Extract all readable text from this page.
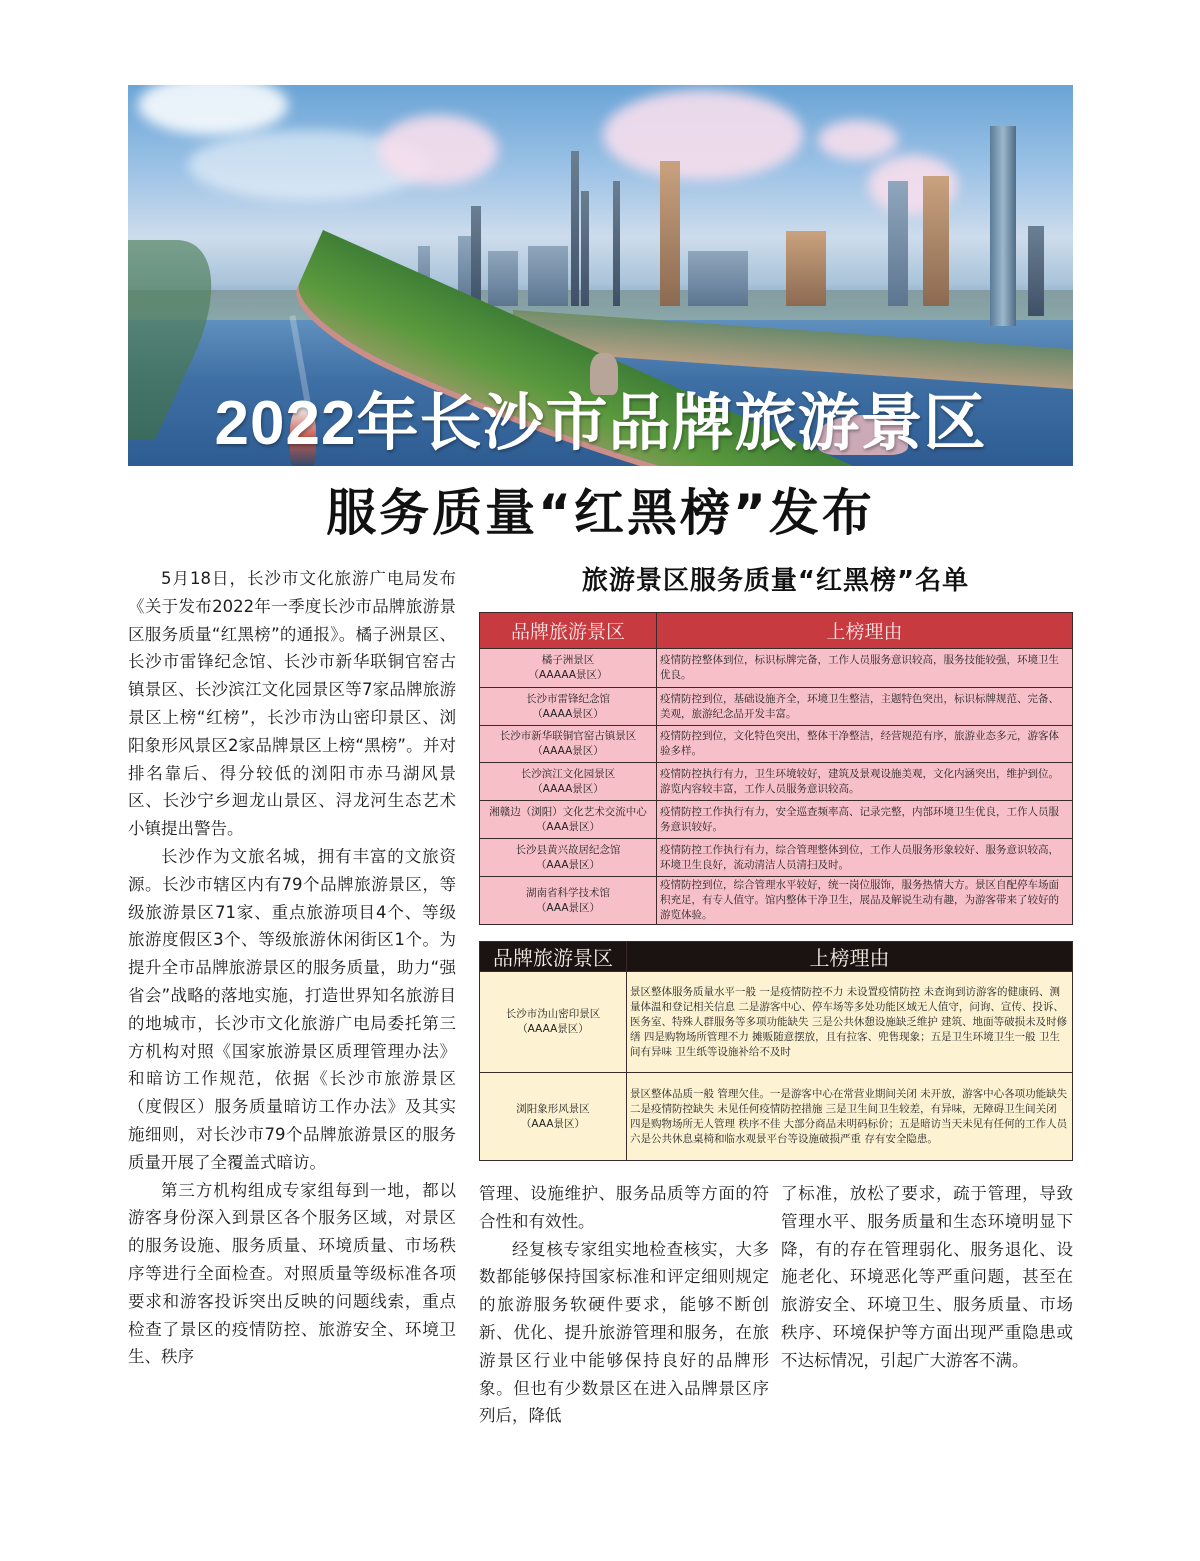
2022年长沙市品牌旅游景区
服务质量“红黑榜”发布

5月18日，长沙市文化旅游广电局发布《关于发布2022年一季度长沙市品牌旅游景区服务质量“红黑榜”的通报》。橘子洲景区、长沙市雷锋纪念馆、长沙市新华联铜官窑古镇景区、长沙滨江文化园景区等7家品牌旅游景区上榜“红榜”，长沙市沩山密印景区、浏阳象形风景区2家品牌景区上榜“黑榜”。并对排名靠后、得分较低的浏阳市赤马湖风景区、长沙宁乡迴龙山景区、浔龙河生态艺术小镇提出警告。

长沙作为文旅名城，拥有丰富的文旅资源。长沙市辖区内有79个品牌旅游景区，等级旅游景区71家、重点旅游项目4个、等级旅游度假区3个、等级旅游休闲街区1个。为提升全市品牌旅游景区的服务质量，助力“强省会”战略的落地实施，打造世界知名旅游目的地城市，长沙市文化旅游广电局委托第三方机构对照《国家旅游景区质理管理办法》和暗访工作规范，依据《长沙市旅游景区（度假区）服务质量暗访工作办法》及其实施细则，对长沙市79个品牌旅游景区的服务质量开展了全覆盖式暗访。

第三方机构组成专家组每到一地，都以游客身份深入到景区各个服务区域，对景区的服务设施、服务质量、环境质量、市场秩序等进行全面检查。对照质量等级标准各项要求和游客投诉突出反映的问题线索，重点检查了景区的疫情防控、旅游安全、环境卫生、秩序

旅游景区服务质量“红黑榜”名单
品牌旅游景区	上榜理由

橘子洲景区
（AAAAA景区）	疫情防控整体到位，标识标牌完备，工作人员服务意识较高，服务技能较强，环境卫生优良。

长沙市雷锋纪念馆
（AAAA景区）	疫情防控到位，基础设施齐全，环境卫生整洁，主题特色突出，标识标牌规范、完备、美观，旅游纪念品开发丰富。

长沙市新华联铜官窑古镇景区
（AAAA景区）	疫情防控到位，文化特色突出，整体干净整洁，经营规范有序，旅游业态多元，游客体验多样。

长沙滨江文化园景区
（AAAA景区）	疫情防控执行有力，卫生环境较好，建筑及景观设施美观，文化内涵突出，维护到位。游览内容较丰富，工作人员服务意识较高。

湘赣边（浏阳）文化艺术交流中心
（AAA景区）	疫情防控工作执行有力，安全巡查频率高、记录完整，内部环境卫生优良，工作人员服务意识较好。

长沙县黄兴故居纪念馆
（AAA景区）	疫情防控工作执行有力，综合管理整体到位，工作人员服务形象较好、服务意识较高，环境卫生良好，流动清洁人员清扫及时。

湖南省科学技术馆
（AAA景区）	疫情防控到位，综合管理水平较好，统一岗位服饰，服务热情大方。景区自配停车场面积充足，有专人值守。馆内整体干净卫生，展品及解说生动有趣，为游客带来了较好的游览体验。
品牌旅游景区	上榜理由

长沙市沩山密印景区
（AAAA景区）	景区整体服务质量水平一般 一是疫情防控不力 未设置疫情防控 未查询到访游客的健康码、测量体温和登记相关信息 二是游客中心、停车场等多处功能区域无人值守，问询、宣传、投诉、医务室、特殊人群服务等多项功能缺失 三是公共休憩设施缺乏维护 建筑、地面等破损未及时修缮 四是购物场所管理不力 摊贩随意摆放，且有拉客、兜售现象；五是卫生环境卫生一般 卫生间有异味 卫生纸等设施补给不及时

浏阳象形风景区
（AAA景区）	景区整体品质一般 管理欠佳。一是游客中心在常营业期间关闭 未开放，游客中心各项功能缺失 二是疫情防控缺失 未见任何疫情防控措施 三是卫生间卫生较差，有异味，无障碍卫生间关闭 四是购物场所无人管理 秩序不佳 大部分商品未明码标价；五是暗访当天未见有任何的工作人员 六是公共休息桌椅和临水观景平台等设施破损严重 存有安全隐患。

管理、设施维护、服务品质等方面的符合性和有效性。

经复核专家组实地检查核实，大多数都能够保持国家标准和评定细则规定的旅游服务软硬件要求，能够不断创新、优化、提升旅游管理和服务，在旅游景区行业中能够保持良好的品牌形象。但也有少数景区在进入品牌景区序列后，降低

了标准，放松了要求，疏于管理，导致管理水平、服务质量和生态环境明显下降，有的存在管理弱化、服务退化、设施老化、环境恶化等严重问题，甚至在旅游安全、环境卫生、服务质量、市场秩序、环境保护等方面出现严重隐患或不达标情况，引起广大游客不满。
